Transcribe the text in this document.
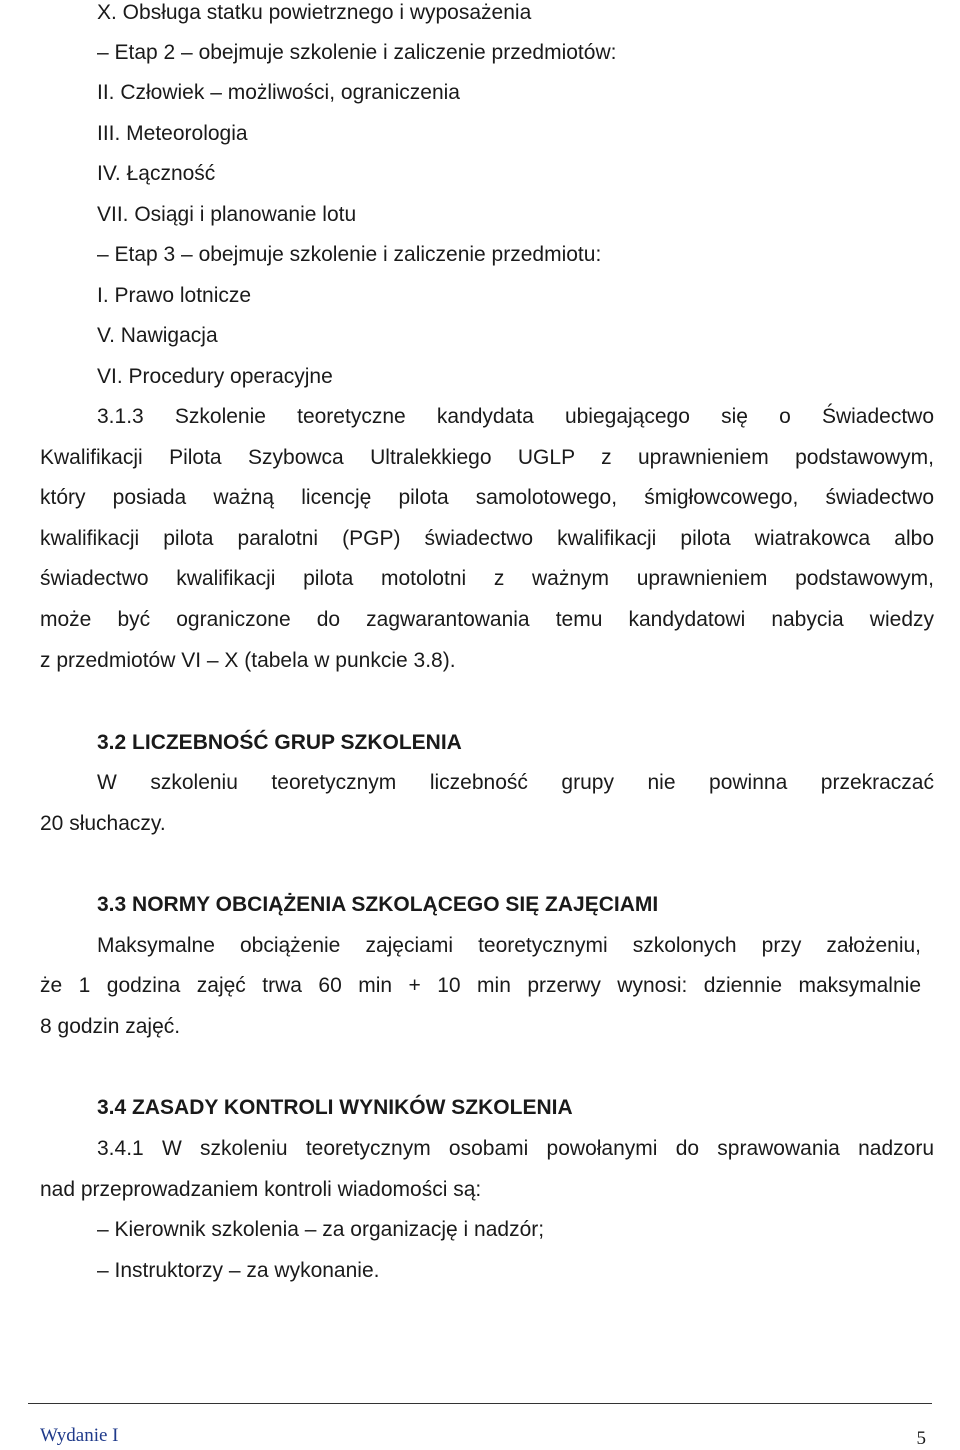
X. Obsługa statku powietrznego i wyposażenia
– Etap 2 – obejmuje szkolenie i zaliczenie przedmiotów:
II. Człowiek – możliwości, ograniczenia
III. Meteorologia
IV. Łączność
VII. Osiągi i planowanie lotu
– Etap 3 – obejmuje szkolenie i zaliczenie przedmiotu:
I. Prawo lotnicze
V. Nawigacja
VI. Procedury operacyjne
3.1.3 Szkolenie teoretyczne kandydata ubiegającego się o Świadectwo
Kwalifikacji Pilota Szybowca Ultralekkiego UGLP z uprawnieniem podstawowym,
który posiada ważną licencję pilota samolotowego, śmigłowcowego, świadectwo
kwalifikacji pilota paralotni (PGP) świadectwo kwalifikacji pilota wiatrakowca albo
świadectwo kwalifikacji pilota motolotni z ważnym uprawnieniem podstawowym,
może być ograniczone do zagwarantowania temu kandydatowi nabycia wiedzy
z przedmiotów VI – X (tabela w punkcie 3.8).
3.2 LICZEBNOŚĆ GRUP SZKOLENIA
W szkoleniu teoretycznym liczebność grupy nie powinna przekraczać
20 słuchaczy.
3.3 NORMY OBCIĄŻENIA SZKOLĄCEGO SIĘ ZAJĘCIAMI
Maksymalne obciążenie zajęciami teoretycznymi szkolonych przy założeniu,
że 1 godzina zajęć trwa 60 min + 10 min przerwy wynosi: dziennie maksymalnie
8 godzin zajęć.
3.4 ZASADY KONTROLI WYNIKÓW SZKOLENIA
3.4.1 W szkoleniu teoretycznym osobami powołanymi do sprawowania nadzoru
nad przeprowadzaniem kontroli wiadomości są:
– Kierownik szkolenia – za organizację i nadzór;
– Instruktorzy – za wykonanie.
Wydanie I	5
